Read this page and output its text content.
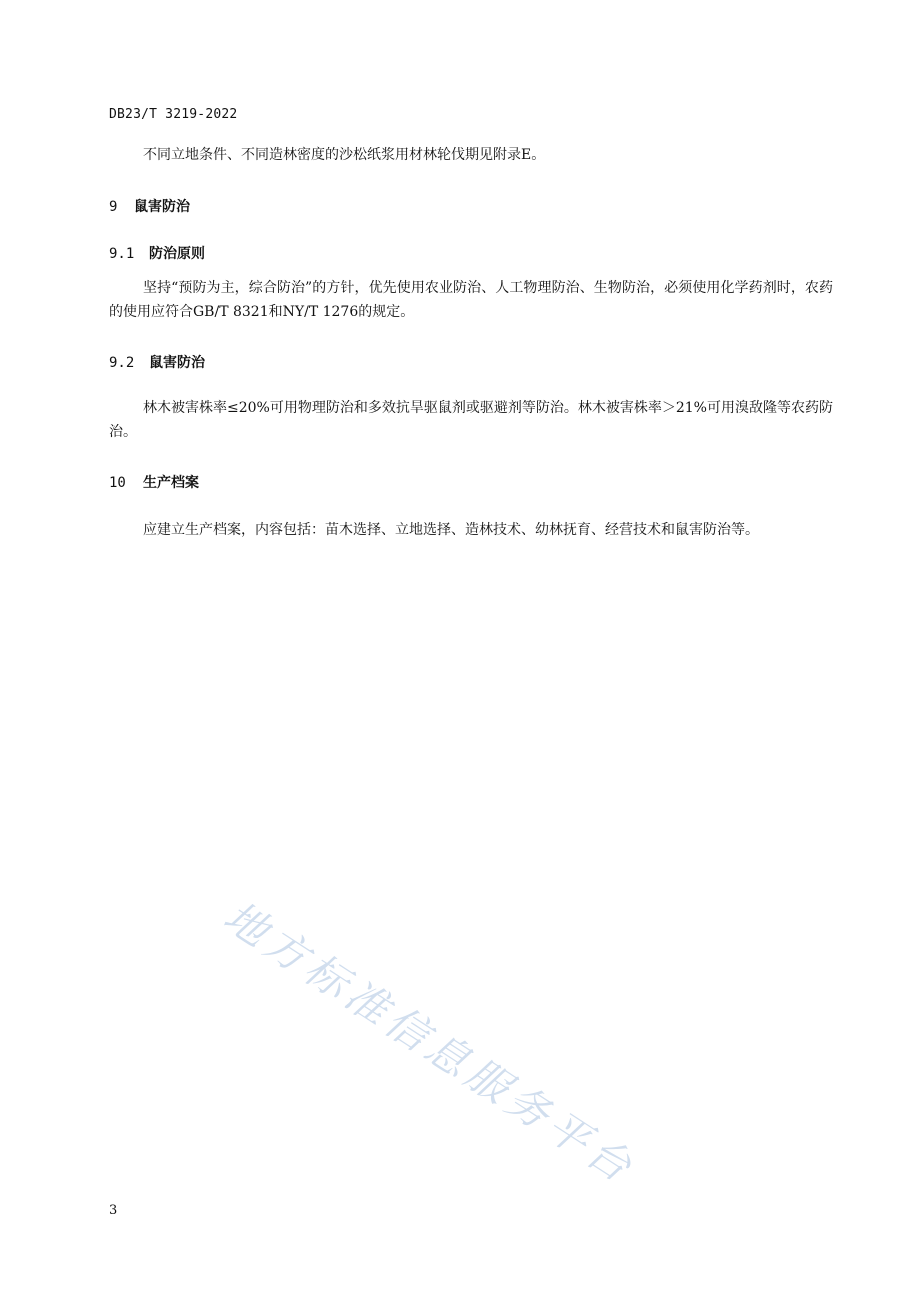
DB23/T 3219-2022

不同立地条件、不同造林密度的沙松纸浆用材林轮伐期见附录E。

9 鼠害防治
9.1 防治原则

坚持“预防为主，综合防治”的方针，优先使用农业防治、人工物理防治、生物防治，必须使用化学药剂时，农药的使用应符合GB/T 8321和NY/T 1276的规定。

9.2 鼠害防治

林木被害株率≤20%可用物理防治和多效抗旱驱鼠剂或驱避剂等防治。林木被害株率＞21%可用溴敌隆等农药防治。

10 生产档案

应建立生产档案，内容包括：苗木选择、立地选择、造林技术、幼林抚育、经营技术和鼠害防治等。

地方标准信息服务平台
3
